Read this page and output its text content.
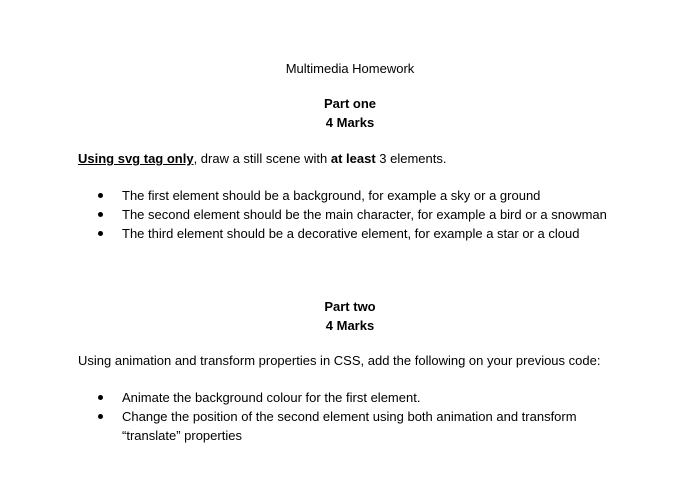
Multimedia Homework
Part one
4 Marks
Using svg tag only, draw a still scene with at least 3 elements.
The first element should be a background, for example a sky or a ground
The second element should be the main character, for example a bird or a snowman
The third element should be a decorative element, for example a star or a cloud
Part two
4 Marks
Using animation and transform properties in CSS, add the following on your previous code:
Animate the background colour for the first element.
Change the position of the second element using both animation and transform
“translate” properties
